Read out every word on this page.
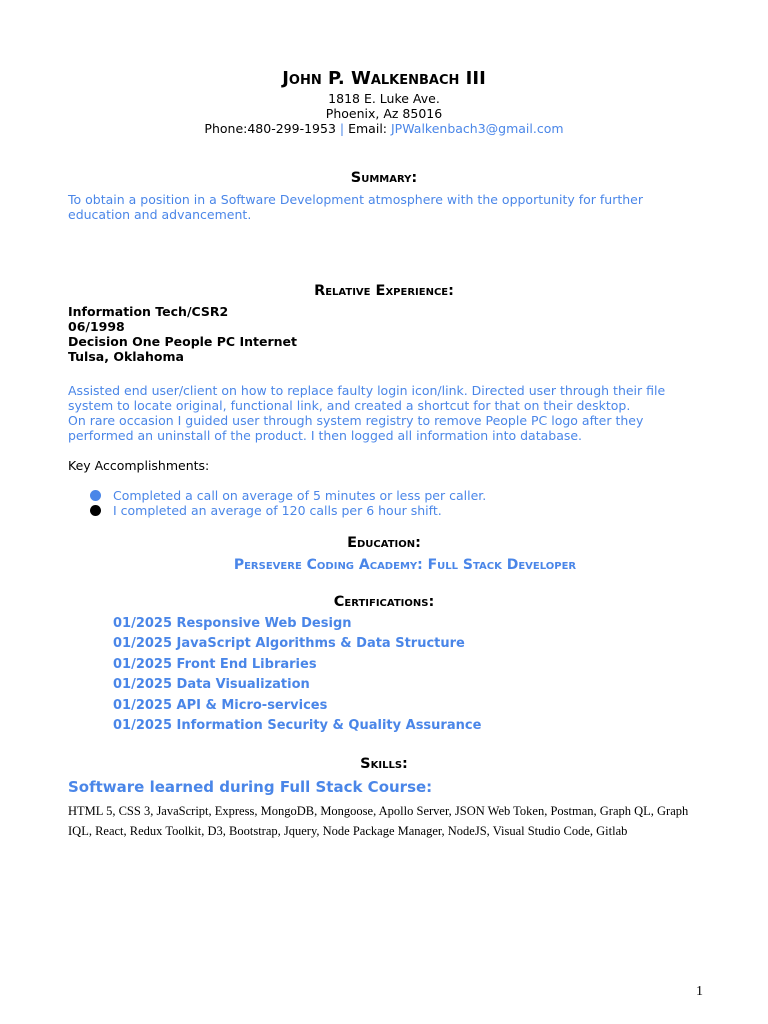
John P. Walkenbach III
1818 E. Luke Ave.
Phoenix, Az 85016
Phone:480-299-1953 | Email: JPWalkenbach3@gmail.com
Summary:
To obtain a position in a Software Development atmosphere with the opportunity for further education and advancement.
Relative Experience:
Information Tech/CSR2
06/1998
Decision One People PC Internet
Tulsa, Oklahoma
Assisted end user/client on how to replace faulty login icon/link. Directed user through their file system to locate original, functional link, and created a shortcut for that on their desktop.
On rare occasion I guided user through system registry to remove People PC logo after they performed an uninstall of the product. I then logged all information into database.
Key Accomplishments:
Completed a call on average of 5 minutes or less per caller.
I completed an average of 120 calls per 6 hour shift.
Education:
Persevere Coding Academy: Full Stack Developer
Certifications:
01/2025 Responsive Web Design
01/2025 JavaScript Algorithms & Data Structure
01/2025 Front End Libraries
01/2025 Data Visualization
01/2025 API & Micro-services
01/2025 Information Security & Quality Assurance
Skills:
Software learned during Full Stack Course:
HTML 5, CSS 3, JavaScript, Express, MongoDB, Mongoose, Apollo Server, JSON Web Token, Postman, Graph QL, Graph IQL, React, Redux Toolkit, D3, Bootstrap, Jquery, Node Package Manager, NodeJS, Visual Studio Code, Gitlab
1
